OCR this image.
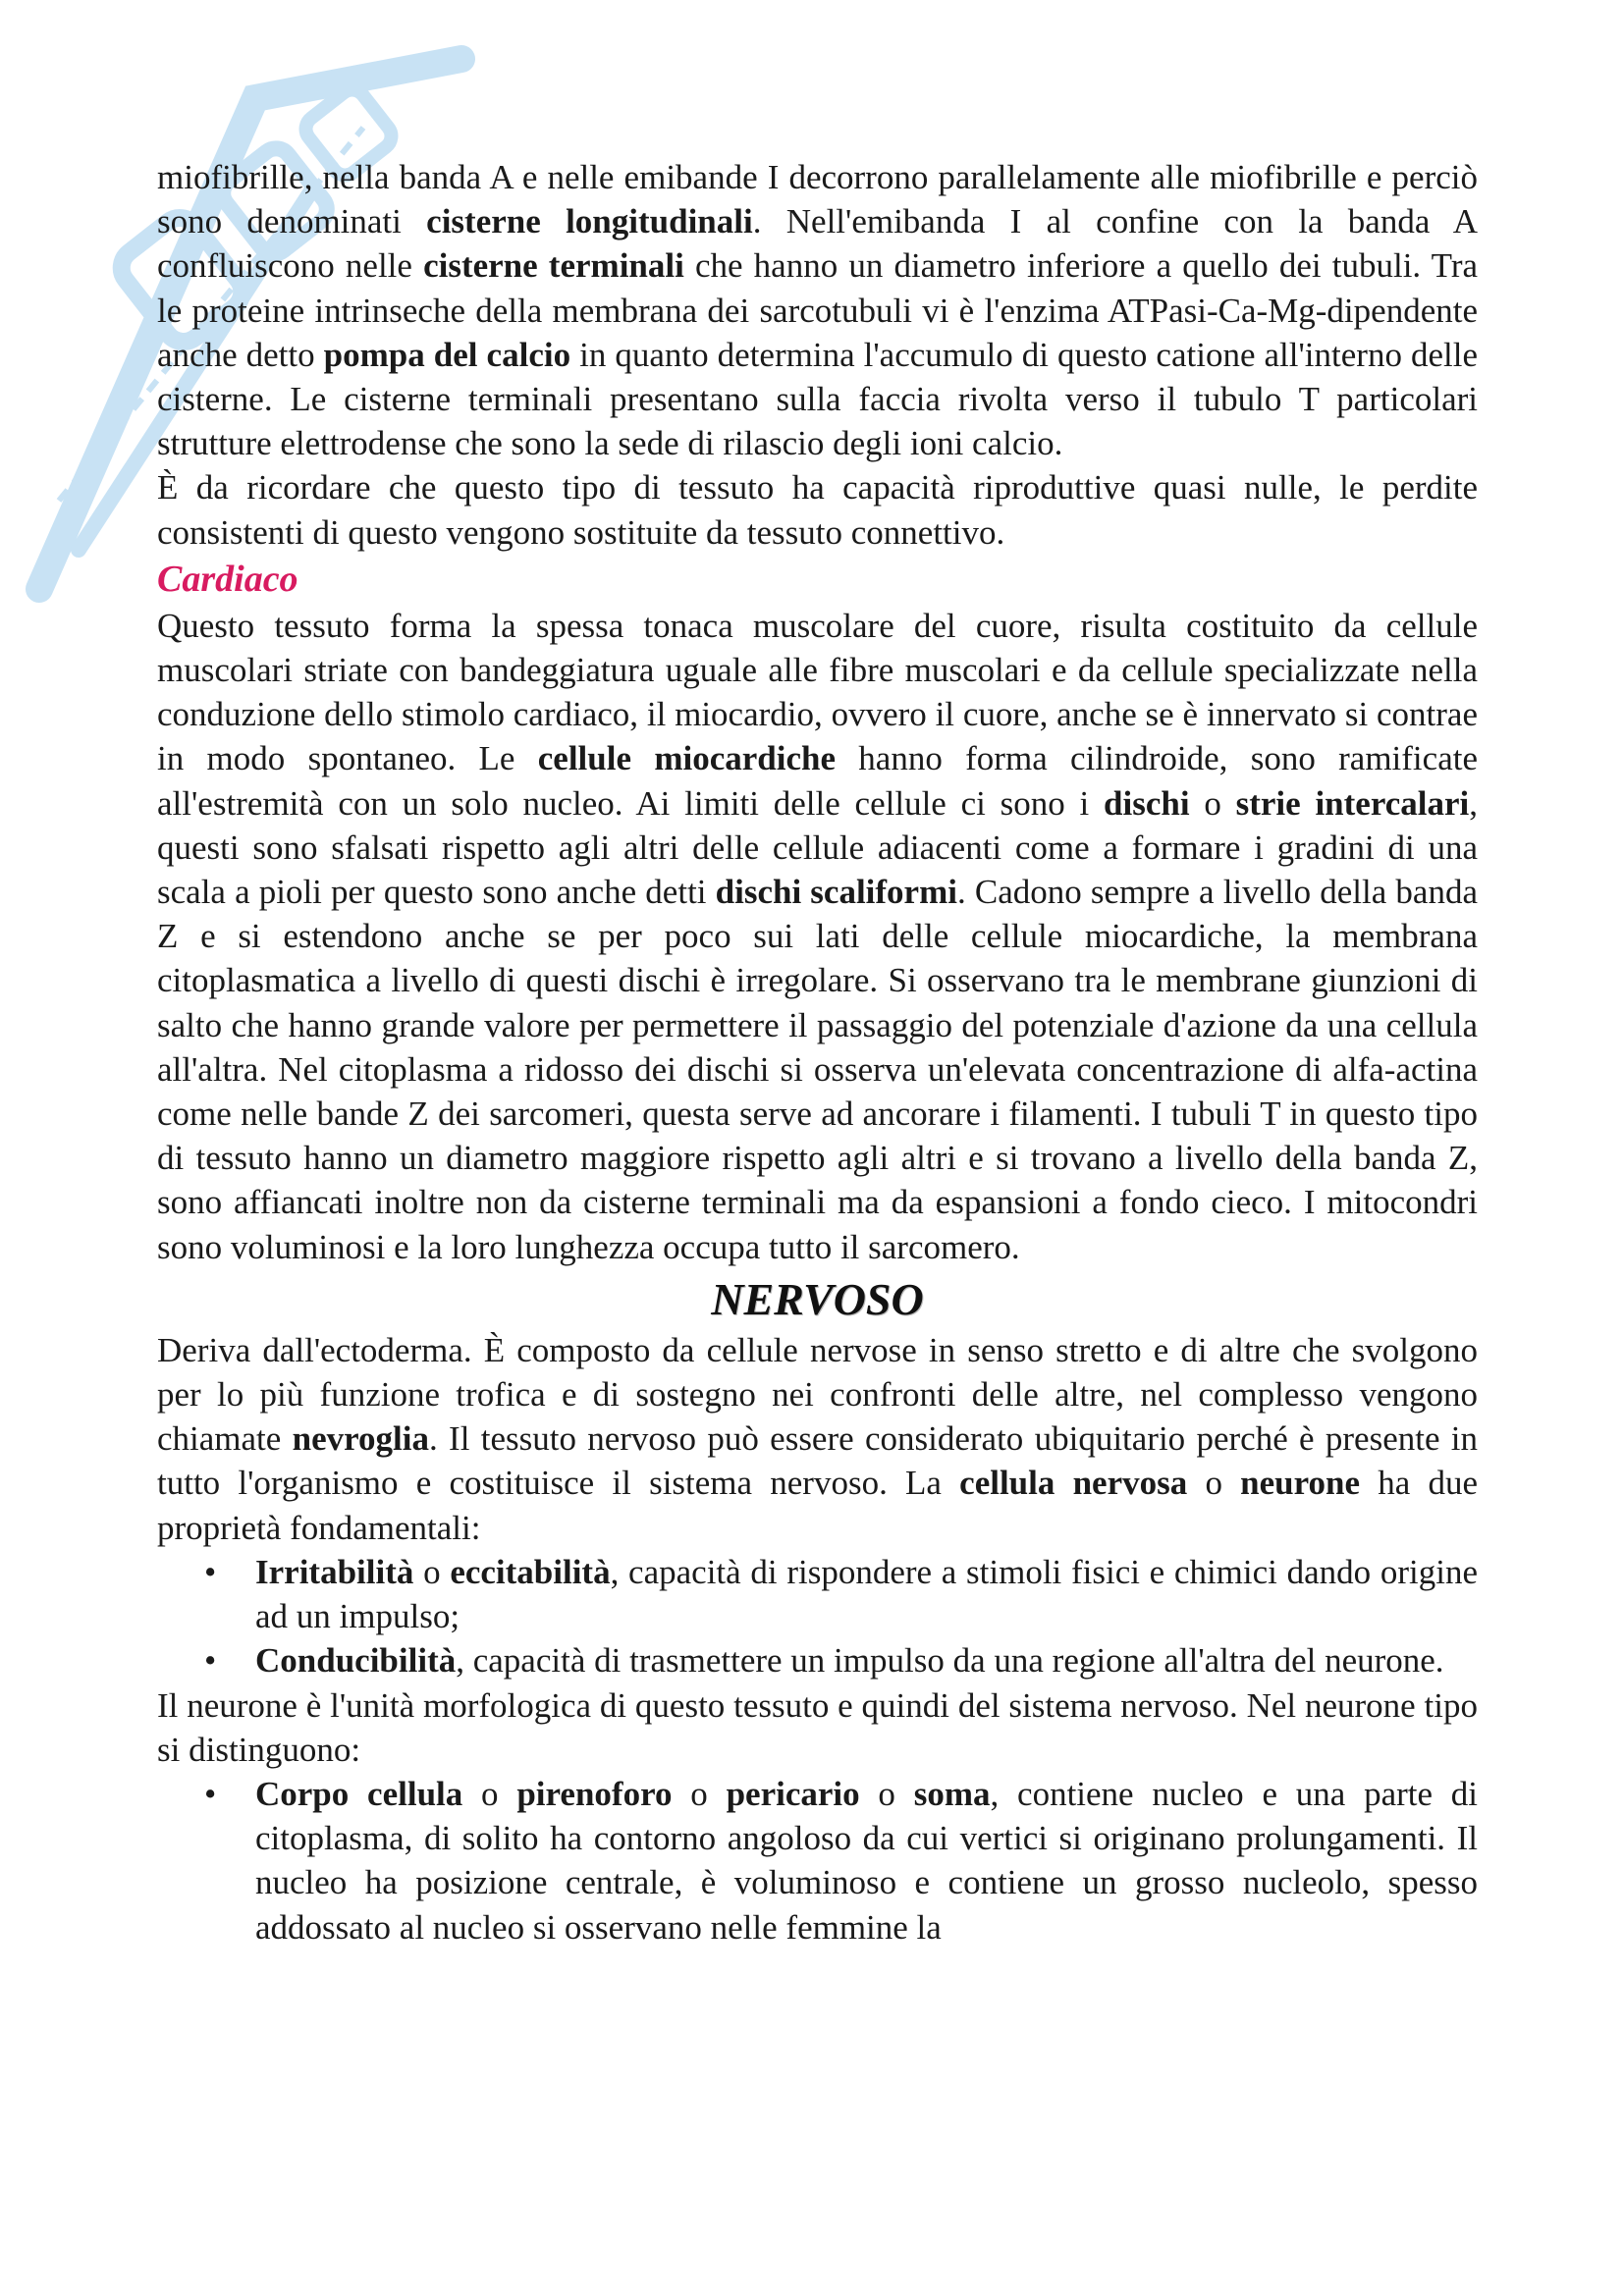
miofibrille, nella banda A e nelle emibande I decorrono parallelamente alle miofibrille e perciò sono denominati cisterne longitudinali. Nell'emibanda I al confine con la banda A confluiscono nelle cisterne terminali che hanno un diametro inferiore a quello dei tubuli. Tra le proteine intrinseche della membrana dei sarcotubuli vi è l'enzima ATPasi-Ca-Mg-dipendente anche detto pompa del calcio in quanto determina l'accumulo di questo catione all'interno delle cisterne. Le cisterne terminali presentano sulla faccia rivolta verso il tubulo T particolari strutture elettrodense che sono la sede di rilascio degli ioni calcio.

È da ricordare che questo tipo di tessuto ha capacità riproduttive quasi nulle, le perdite consistenti di questo vengono sostituite da tessuto connettivo.

Cardiaco

Questo tessuto forma la spessa tonaca muscolare del cuore, risulta costituito da cellule muscolari striate con bandeggiatura uguale alle fibre muscolari e da cellule specializzate nella conduzione dello stimolo cardiaco, il miocardio, ovvero il cuore, anche se è innervato si contrae in modo spontaneo. Le cellule miocardiche hanno forma cilindroide, sono ramificate all'estremità con un solo nucleo. Ai limiti delle cellule ci sono i dischi o strie intercalari, questi sono sfalsati rispetto agli altri delle cellule adiacenti come a formare i gradini di una scala a pioli per questo sono anche detti dischi scaliformi. Cadono sempre a livello della banda Z e si estendono anche se per poco sui lati delle cellule miocardiche, la membrana citoplasmatica a livello di questi dischi è irregolare. Si osservano tra le membrane giunzioni di salto che hanno grande valore per permettere il passaggio del potenziale d'azione da una cellula all'altra. Nel citoplasma a ridosso dei dischi si osserva un'elevata concentrazione di alfa-actina come nelle bande Z dei sarcomeri, questa serve ad ancorare i filamenti. I tubuli T in questo tipo di tessuto hanno un diametro maggiore rispetto agli altri e si trovano a livello della banda Z, sono affiancati inoltre non da cisterne terminali ma da espansioni a fondo cieco. I mitocondri sono voluminosi e la loro lunghezza occupa tutto il sarcomero.

NERVOSO

Deriva dall'ectoderma. È composto da cellule nervose in senso stretto e di altre che svolgono per lo più funzione trofica e di sostegno nei confronti delle altre, nel complesso vengono chiamate nevroglia. Il tessuto nervoso può essere considerato ubiquitario perché è presente in tutto l'organismo e costituisce il sistema nervoso. La cellula nervosa o neurone ha due proprietà fondamentali:

• Irritabilità o eccitabilità, capacità di rispondere a stimoli fisici e chimici dando origine ad un impulso;
• Conducibilità, capacità di trasmettere un impulso da una regione all'altra del neurone.

Il neurone è l'unità morfologica di questo tessuto e quindi del sistema nervoso. Nel neurone tipo si distinguono:

• Corpo cellula o pirenoforo o pericario o soma, contiene nucleo e una parte di citoplasma, di solito ha contorno angoloso da cui vertici si originano prolungamenti. Il nucleo ha posizione centrale, è voluminoso e contiene un grosso nucleolo, spesso addossato al nucleo si osservano nelle femmine la
